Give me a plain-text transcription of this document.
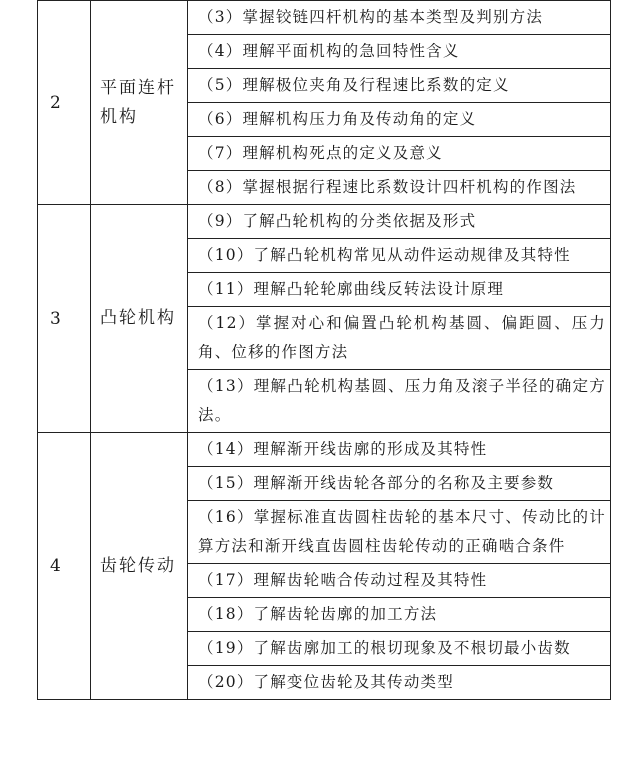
2	平面连杆机构	（3）掌握铰链四杆机构的基本类型及判别方法
		（4）理解平面机构的急回特性含义
		（5）理解极位夹角及行程速比系数的定义
		（6）理解机构压力角及传动角的定义
		（7）理解机构死点的定义及意义
		（8）掌握根据行程速比系数设计四杆机构的作图法
3	凸轮机构	（9）了解凸轮机构的分类依据及形式
		（10）了解凸轮机构常见从动件运动规律及其特性
		（11）理解凸轮轮廓曲线反转法设计原理
		（12）掌握对心和偏置凸轮机构基圆、偏距圆、压力角、位移的作图方法
		（13）理解凸轮机构基圆、压力角及滚子半径的确定方法。
4	齿轮传动	（14）理解渐开线齿廓的形成及其特性
		（15）理解渐开线齿轮各部分的名称及主要参数
		（16）掌握标准直齿圆柱齿轮的基本尺寸、传动比的计算方法和渐开线直齿圆柱齿轮传动的正确啮合条件
		（17）理解齿轮啮合传动过程及其特性
		（18）了解齿轮齿廓的加工方法
		（19）了解齿廓加工的根切现象及不根切最小齿数
		（20）了解变位齿轮及其传动类型
